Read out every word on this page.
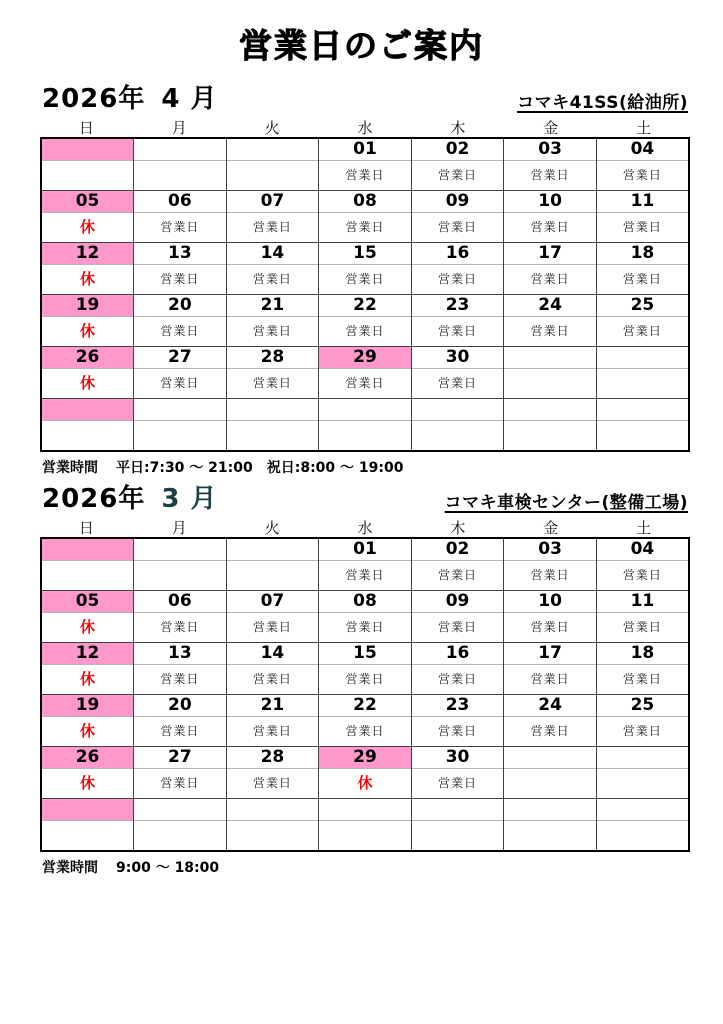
営業日のご案内
2026年 4 月	コマキ41SS(給油所)
日	月	火	水	木	金	土
			01	02	03	04
			営業日	営業日	営業日	営業日
05	06	07	08	09	10	11
休	営業日	営業日	営業日	営業日	営業日	営業日
12	13	14	15	16	17	18
休	営業日	営業日	営業日	営業日	営業日	営業日
19	20	21	22	23	24	25
休	営業日	営業日	営業日	営業日	営業日	営業日
26	27	28	29	30		
休	営業日	営業日	営業日	営業日		

営業時間 平日:7:30 ～ 21:00　祝日:8:00 ～ 19:00
2026年 3 月	コマキ車検センター(整備工場)
日	月	火	水	木	金	土
			01	02	03	04
			営業日	営業日	営業日	営業日
05	06	07	08	09	10	11
休	営業日	営業日	営業日	営業日	営業日	営業日
12	13	14	15	16	17	18
休	営業日	営業日	営業日	営業日	営業日	営業日
19	20	21	22	23	24	25
休	営業日	営業日	営業日	営業日	営業日	営業日
26	27	28	29	30		
休	営業日	営業日	休	営業日		

営業時間 9:00 ～ 18:00
